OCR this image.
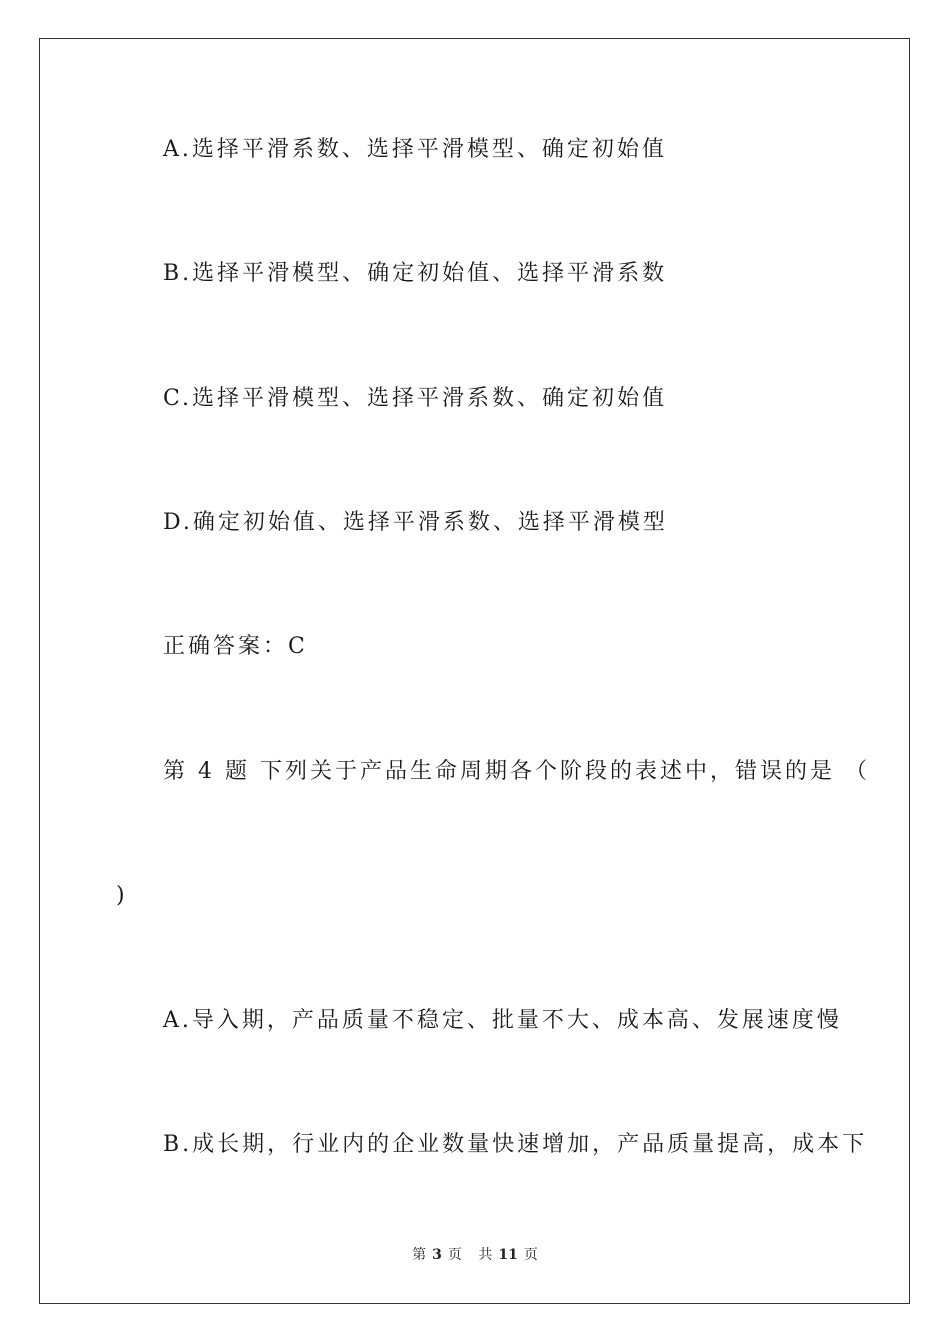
A.选择平滑系数、选择平滑模型、确定初始值
B.选择平滑模型、确定初始值、选择平滑系数
C.选择平滑模型、选择平滑系数、确定初始值
D.确定初始值、选择平滑系数、选择平滑模型
正确答案：C
第 4 题 下列关于产品生命周期各个阶段的表述中，错误的是 （
)
A.导入期，产品质量不稳定、批量不大、成本高、发展速度慢
B.成长期，行业内的企业数量快速增加，产品质量提高，成本下
第 3 页 共 11 页
